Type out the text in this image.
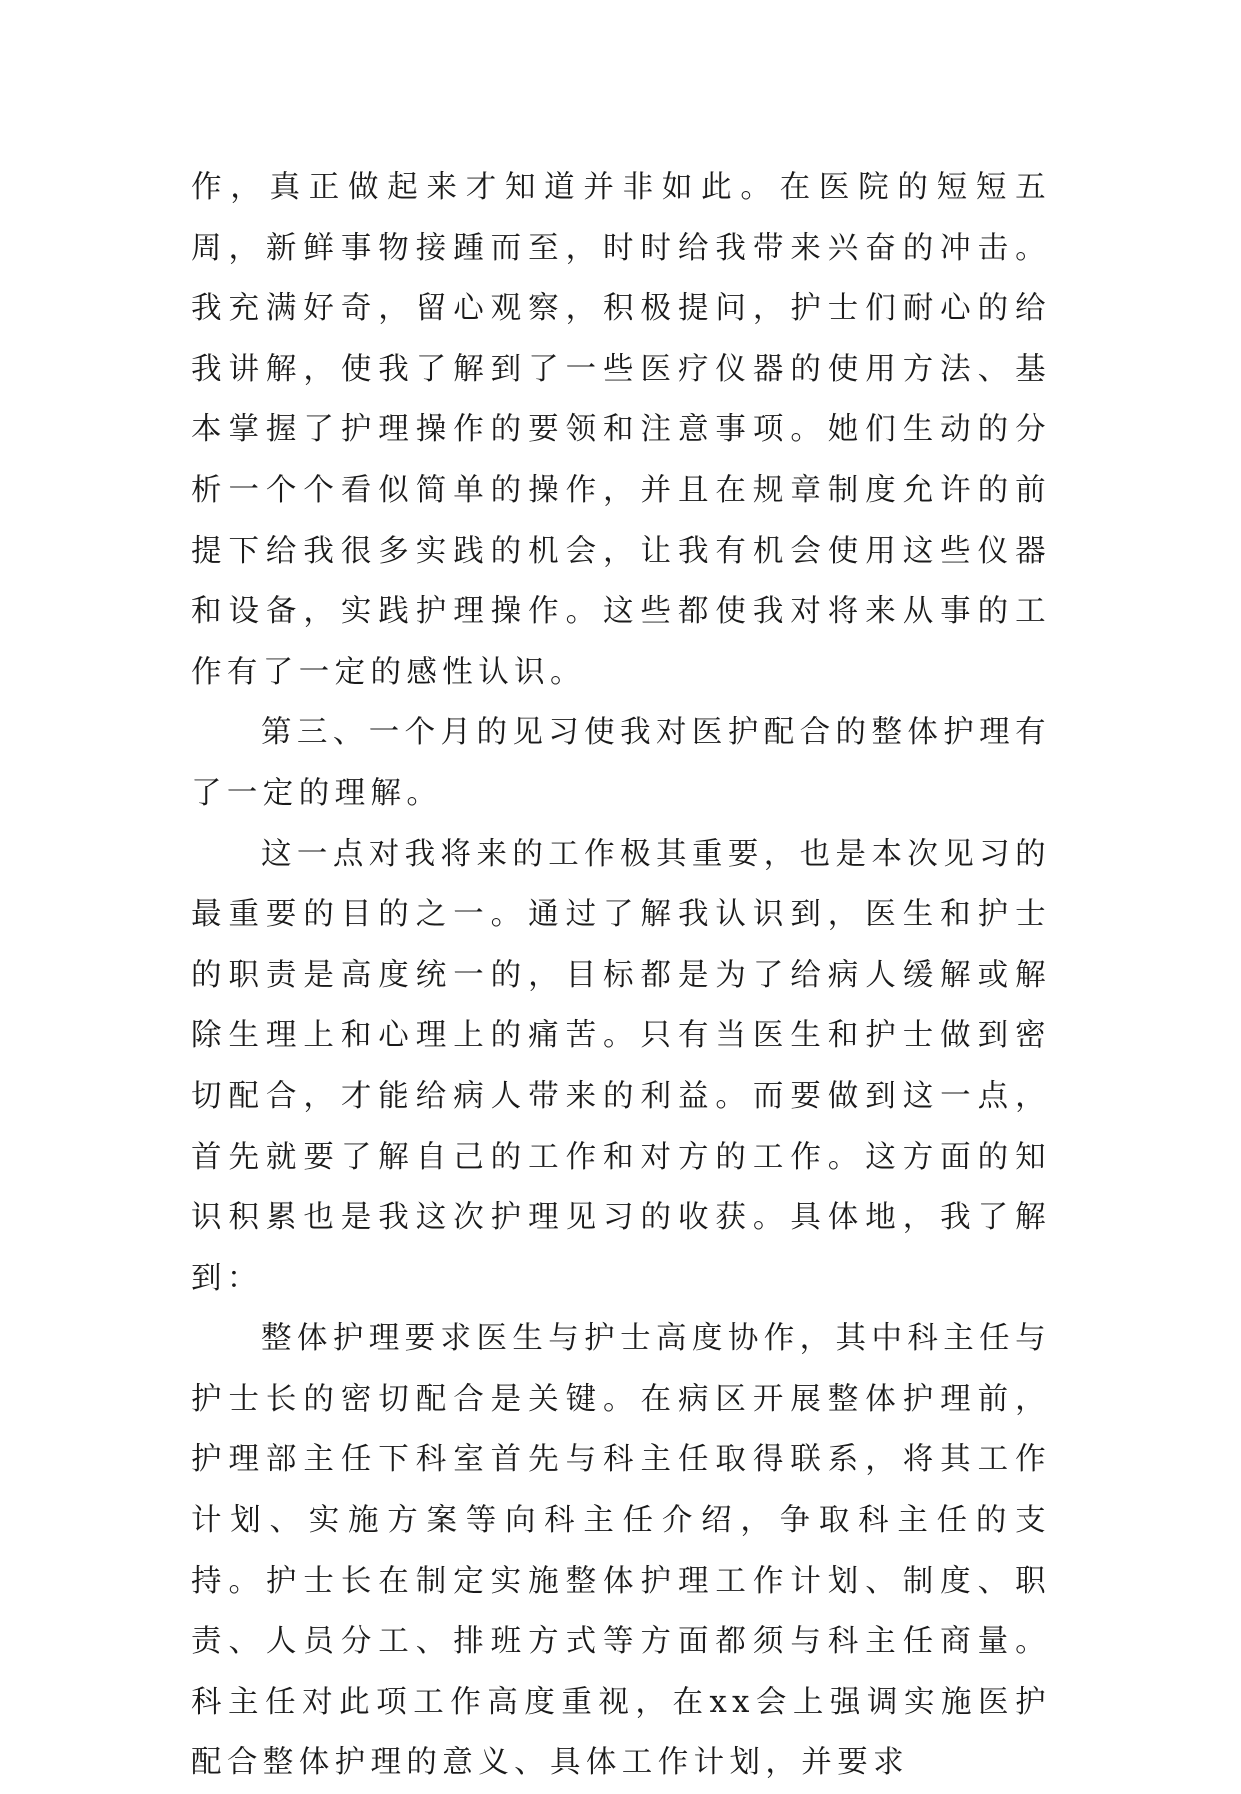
作，真正做起来才知道并非如此。在医院的短短五周，新鲜事物接踵而至，时时给我带来兴奋的冲击。我充满好奇，留心观察，积极提问，护士们耐心的给我讲解，使我了解到了一些医疗仪器的使用方法、基本掌握了护理操作的要领和注意事项。她们生动的分析一个个看似简单的操作，并且在规章制度允许的前提下给我很多实践的机会，让我有机会使用这些仪器和设备，实践护理操作。这些都使我对将来从事的工作有了一定的感性认识。

第三、一个月的见习使我对医护配合的整体护理有了一定的理解。

这一点对我将来的工作极其重要，也是本次见习的最重要的目的之一。通过了解我认识到，医生和护士的职责是高度统一的，目标都是为了给病人缓解或解除生理上和心理上的痛苦。只有当医生和护士做到密切配合，才能给病人带来的利益。而要做到这一点，首先就要了解自己的工作和对方的工作。这方面的知识积累也是我这次护理见习的收获。具体地，我了解到：

整体护理要求医生与护士高度协作，其中科主任与护士长的密切配合是关键。在病区开展整体护理前，护理部主任下科室首先与科主任取得联系，将其工作计划、实施方案等向科主任介绍，争取科主任的支持。护士长在制定实施整体护理工作计划、制度、职责、人员分工、排班方式等方面都须与科主任商量。科主任对此项工作高度重视，在xx会上强调实施医护配合整体护理的意义、具体工作计划，并要求
